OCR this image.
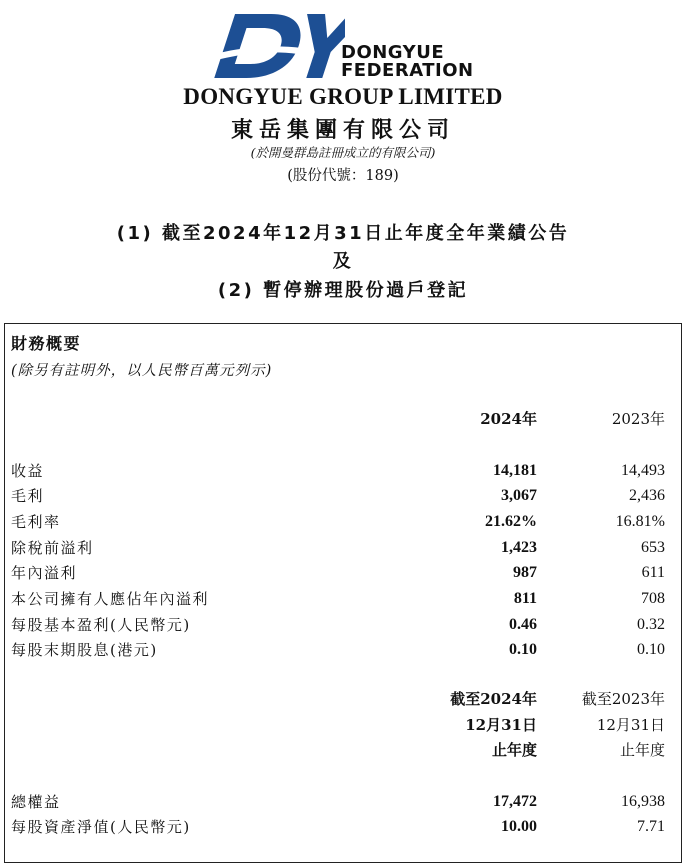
DONGYUE
FEDERATION
DONGYUE GROUP LIMITED
東岳集團有限公司
(於開曼群島註冊成立的有限公司)
(股份代號：189)
(1) 截至2024年12月31日止年度全年業績公告
及
(2) 暫停辦理股份過戶登記
財務概要
(除另有註明外，以人民幣百萬元列示)
2024年	2023年
收益	14,181	14,493
毛利	3,067	2,436
毛利率	21.62%	16.81%
除稅前溢利	1,423	653
年內溢利	987	611
本公司擁有人應佔年內溢利	811	708
每股基本盈利(人民幣元)	0.46	0.32
每股末期股息(港元)	0.10	0.10
截至2024年
12月31日
止年度
截至2023年
12月31日
止年度
總權益	17,472	16,938
每股資產淨值(人民幣元)	10.00	7.71
